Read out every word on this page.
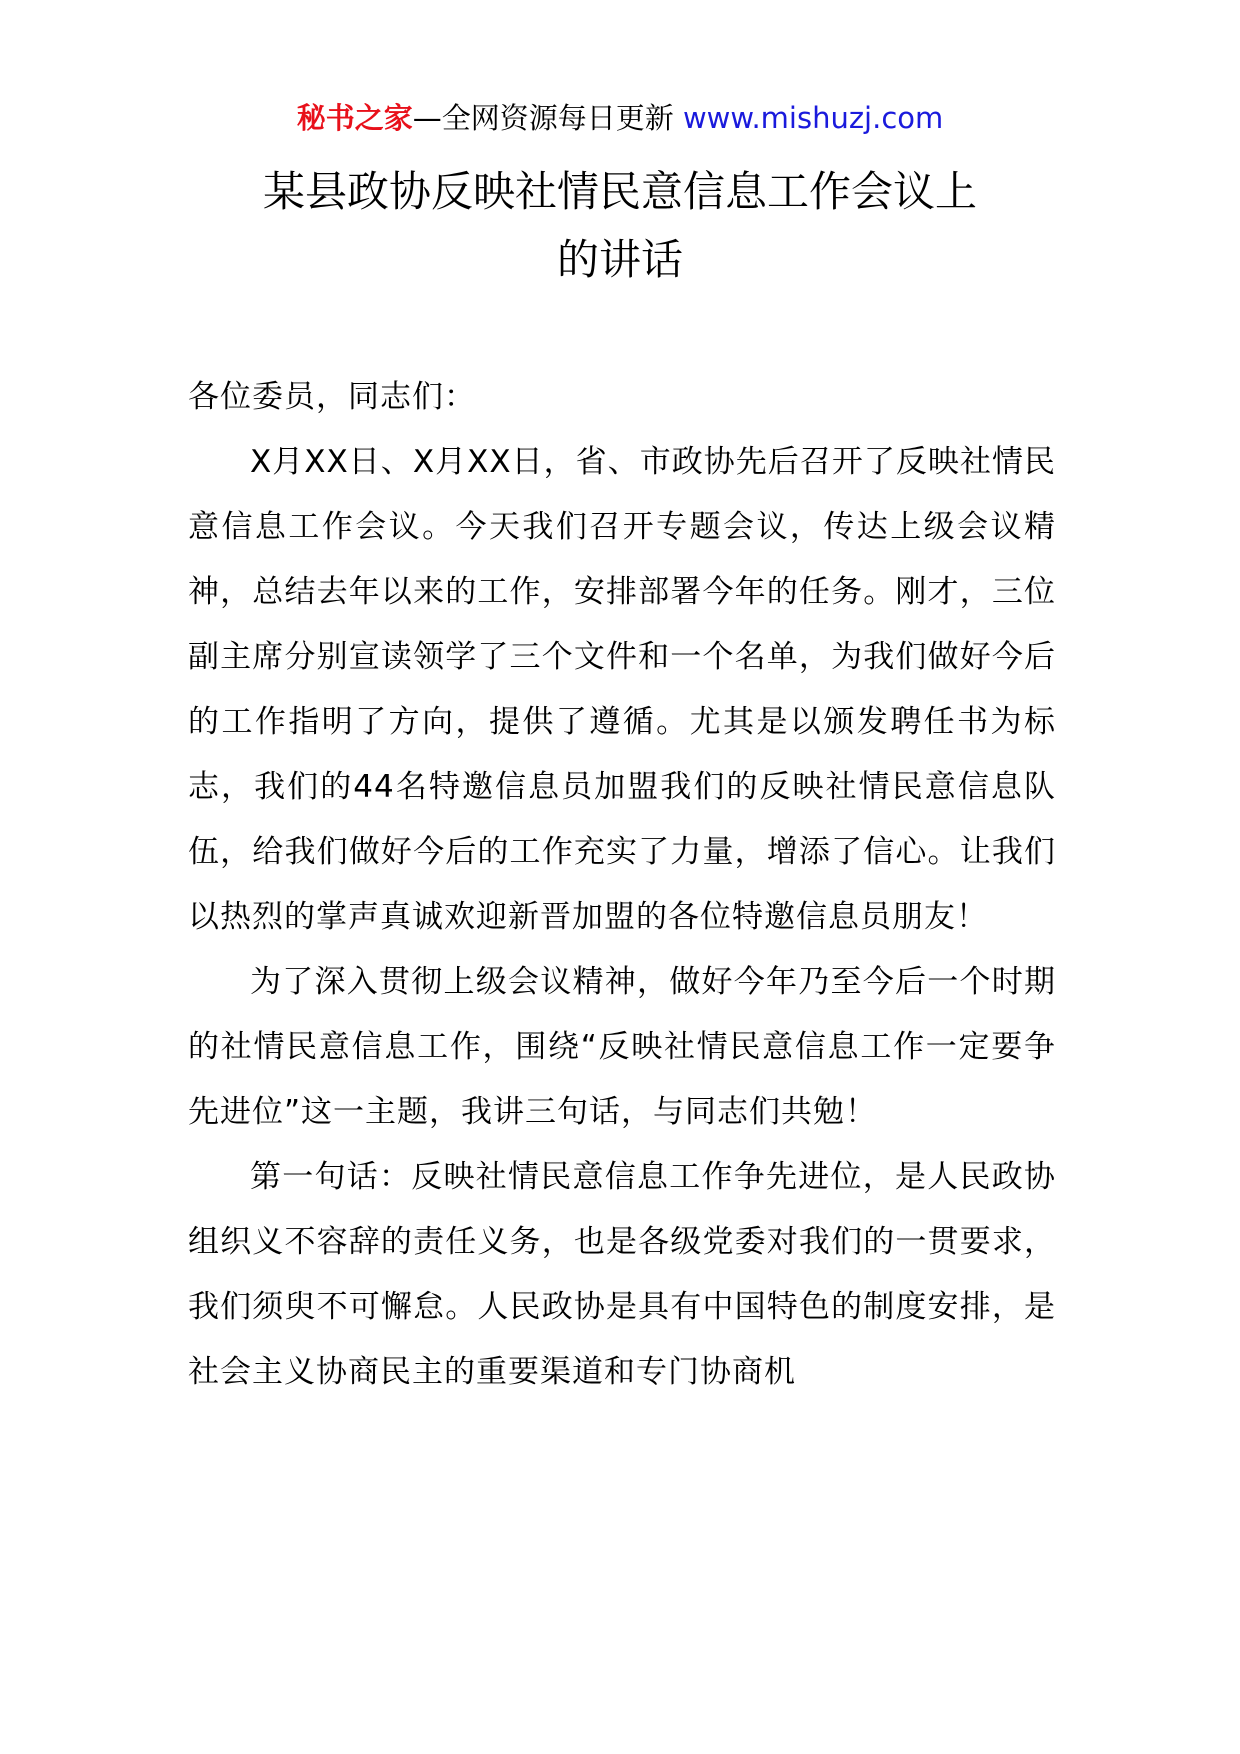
秘书之家—全网资源每日更新 www.mishuzj.com
某县政协反映社情民意信息工作会议上
的讲话

各位委员，同志们：

X月XX日、X月XX日，省、市政协先后召开了反映社情民意信息工作会议。今天我们召开专题会议，传达上级会议精神，总结去年以来的工作，安排部署今年的任务。刚才，三位副主席分别宣读领学了三个文件和一个名单，为我们做好今后的工作指明了方向，提供了遵循。尤其是以颁发聘任书为标志，我们的44名特邀信息员加盟我们的反映社情民意信息队伍，给我们做好今后的工作充实了力量，增添了信心。让我们以热烈的掌声真诚欢迎新晋加盟的各位特邀信息员朋友！

为了深入贯彻上级会议精神，做好今年乃至今后一个时期的社情民意信息工作，围绕“反映社情民意信息工作一定要争先进位”这一主题，我讲三句话，与同志们共勉！

第一句话：反映社情民意信息工作争先进位，是人民政协组织义不容辞的责任义务，也是各级党委对我们的一贯要求，我们须臾不可懈怠。人民政协是具有中国特色的制度安排，是社会主义协商民主的重要渠道和专门协商机
